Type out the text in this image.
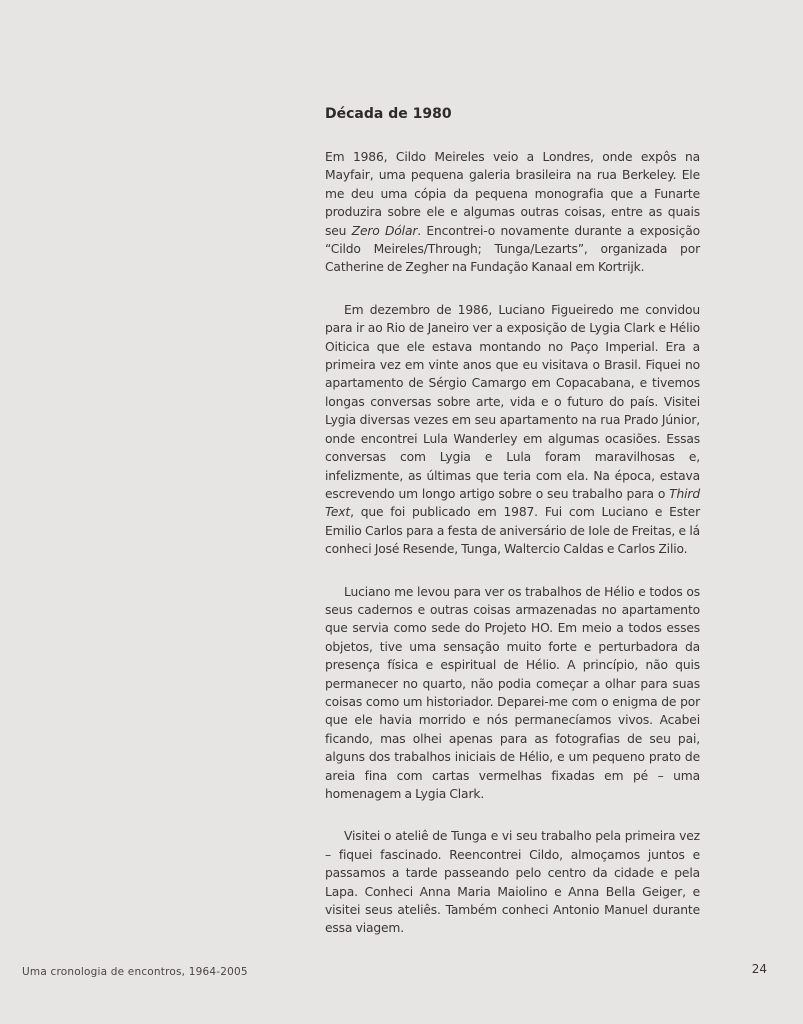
Década de 1980

Em 1986, Cildo Meireles veio a Londres, onde expôs na Mayfair, uma pequena galeria brasileira na rua Berkeley. Ele me deu uma cópia da pequena monografia que a Funarte produzira sobre ele e algumas outras coisas, entre as quais seu Zero Dólar. Encontrei-o novamente durante a exposição “Cildo Meireles/Through; Tunga/Lezarts”, organizada por Catherine de Zegher na Fundação Kanaal em Kortrijk.

Em dezembro de 1986, Luciano Figueiredo me convidou para ir ao Rio de Janeiro ver a exposição de Lygia Clark e Hélio Oiticica que ele estava montando no Paço Imperial. Era a primeira vez em vinte anos que eu visitava o Brasil. Fiquei no apartamento de Sérgio Camargo em Copacabana, e tivemos longas conversas sobre arte, vida e o futuro do país. Visitei Lygia diversas vezes em seu apartamento na rua Prado Júnior, onde encontrei Lula Wanderley em algumas ocasiões. Essas conversas com Lygia e Lula foram maravilhosas e, infelizmente, as últimas que teria com ela. Na época, estava escrevendo um longo artigo sobre o seu trabalho para o Third Text, que foi publicado em 1987. Fui com Luciano e Ester Emilio Carlos para a festa de aniversário de Iole de Freitas, e lá conheci José Resende, Tunga, Waltercio Caldas e Carlos Zilio.

Luciano me levou para ver os trabalhos de Hélio e todos os seus cadernos e outras coisas armazenadas no apartamento que servia como sede do Projeto HO. Em meio a todos esses objetos, tive uma sensação muito forte e perturbadora da presença física e espiritual de Hélio. A princípio, não quis permanecer no quarto, não podia começar a olhar para suas coisas como um historiador. Deparei-me com o enigma de por que ele havia morrido e nós permanecíamos vivos. Acabei ficando, mas olhei apenas para as fotografias de seu pai, alguns dos trabalhos iniciais de Hélio, e um pequeno prato de areia fina com cartas vermelhas fixadas em pé – uma homenagem a Lygia Clark.

Visitei o ateliê de Tunga e vi seu trabalho pela primeira vez – fiquei fascinado. Reencontrei Cildo, almoçamos juntos e passamos a tarde passeando pelo centro da cidade e pela Lapa. Conheci Anna Maria Maiolino e Anna Bella Geiger, e visitei seus ateliês. Também conheci Antonio Manuel durante essa viagem.

Uma cronologia de encontros, 1964-2005	24
